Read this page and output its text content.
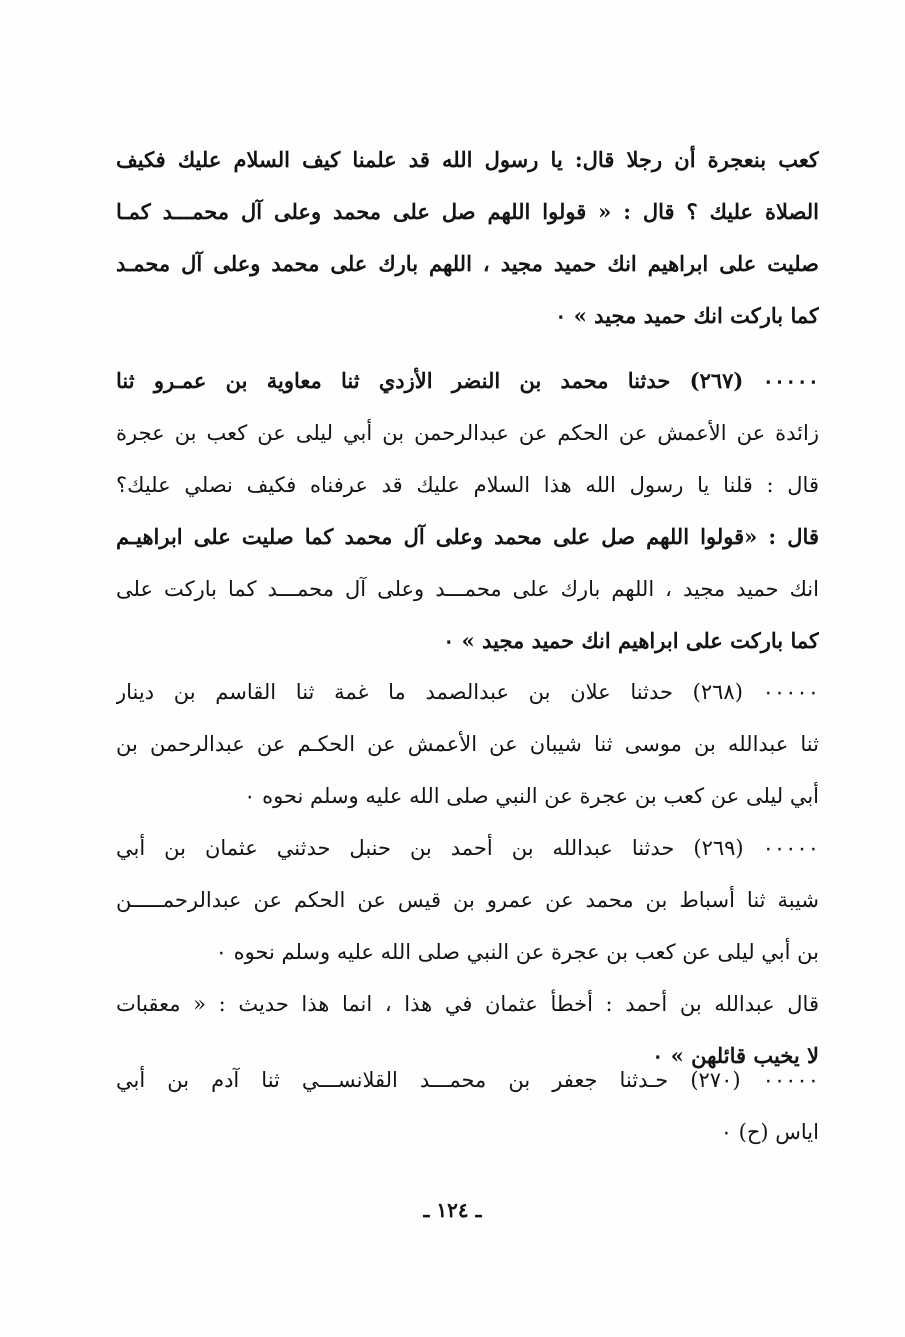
كعب بنعجرة أن رجلا قال: يا رسول الله قد علمنا كيف السلام عليك فكيف
الصلاة عليك ؟ قال : « قولوا اللهم صل على محمد وعلى آل محمـــد كمـا
صليت على ابراهيم انك حميد مجيد ، اللهم بارك على محمد وعلى آل محمـد
كما باركت انك حميد مجيد » ٠
٠٠٠٠٠ (٢٦٧) حدثنا محمد بن النضر الأزدي ثنا معاوية بن عمـرو ثنا
زائدة عن الأعمش عن الحكم عن عبدالرحمن بن أبي ليلى عن كعب بن عجرة
قال : قلنا يا رسول الله هذا السلام عليك قد عرفناه فكيف نصلي عليك؟
قال : «قولوا اللهم صل على محمد وعلى آل محمد كما صليت على ابراهيـم
انك حميد مجيد ، اللهم بارك على محمـــد وعلى آل محمـــد كما باركت على
كما باركت على ابراهيم انك حميد مجيد » ٠
٠٠٠٠٠ (٢٦٨) حدثنا علان بن عبدالصمد ما غمة ثنا القاسم بن دينار
ثنا عبدالله بن موسى ثنا شيبان عن الأعمش عن الحكـم عن عبدالرحمن بن
أبي ليلى عن كعب بن عجرة عن النبي صلى الله عليه وسلم نحوه ٠
٠٠٠٠٠ (٢٦٩) حدثنا عبدالله بن أحمد بن حنبل حدثني عثمان بن أبي
شيبة ثنا أسباط بن محمد عن عمرو بن قيس عن الحكم عن عبدالرحمـــــن
بن أبي ليلى عن كعب بن عجرة عن النبي صلى الله عليه وسلم نحوه ٠
قال عبدالله بن أحمد : أخطأ عثمان في هذا ، انما هذا حديث : « معقبات
لا يخيب قائلهن » ٠
٠٠٠٠٠ (٢٧٠) حـدثنا جعفر بن محمـــد القلانســـي ثنا آدم بن أبي
اياس (ح) ٠
ـ ١٢٤ ـ
